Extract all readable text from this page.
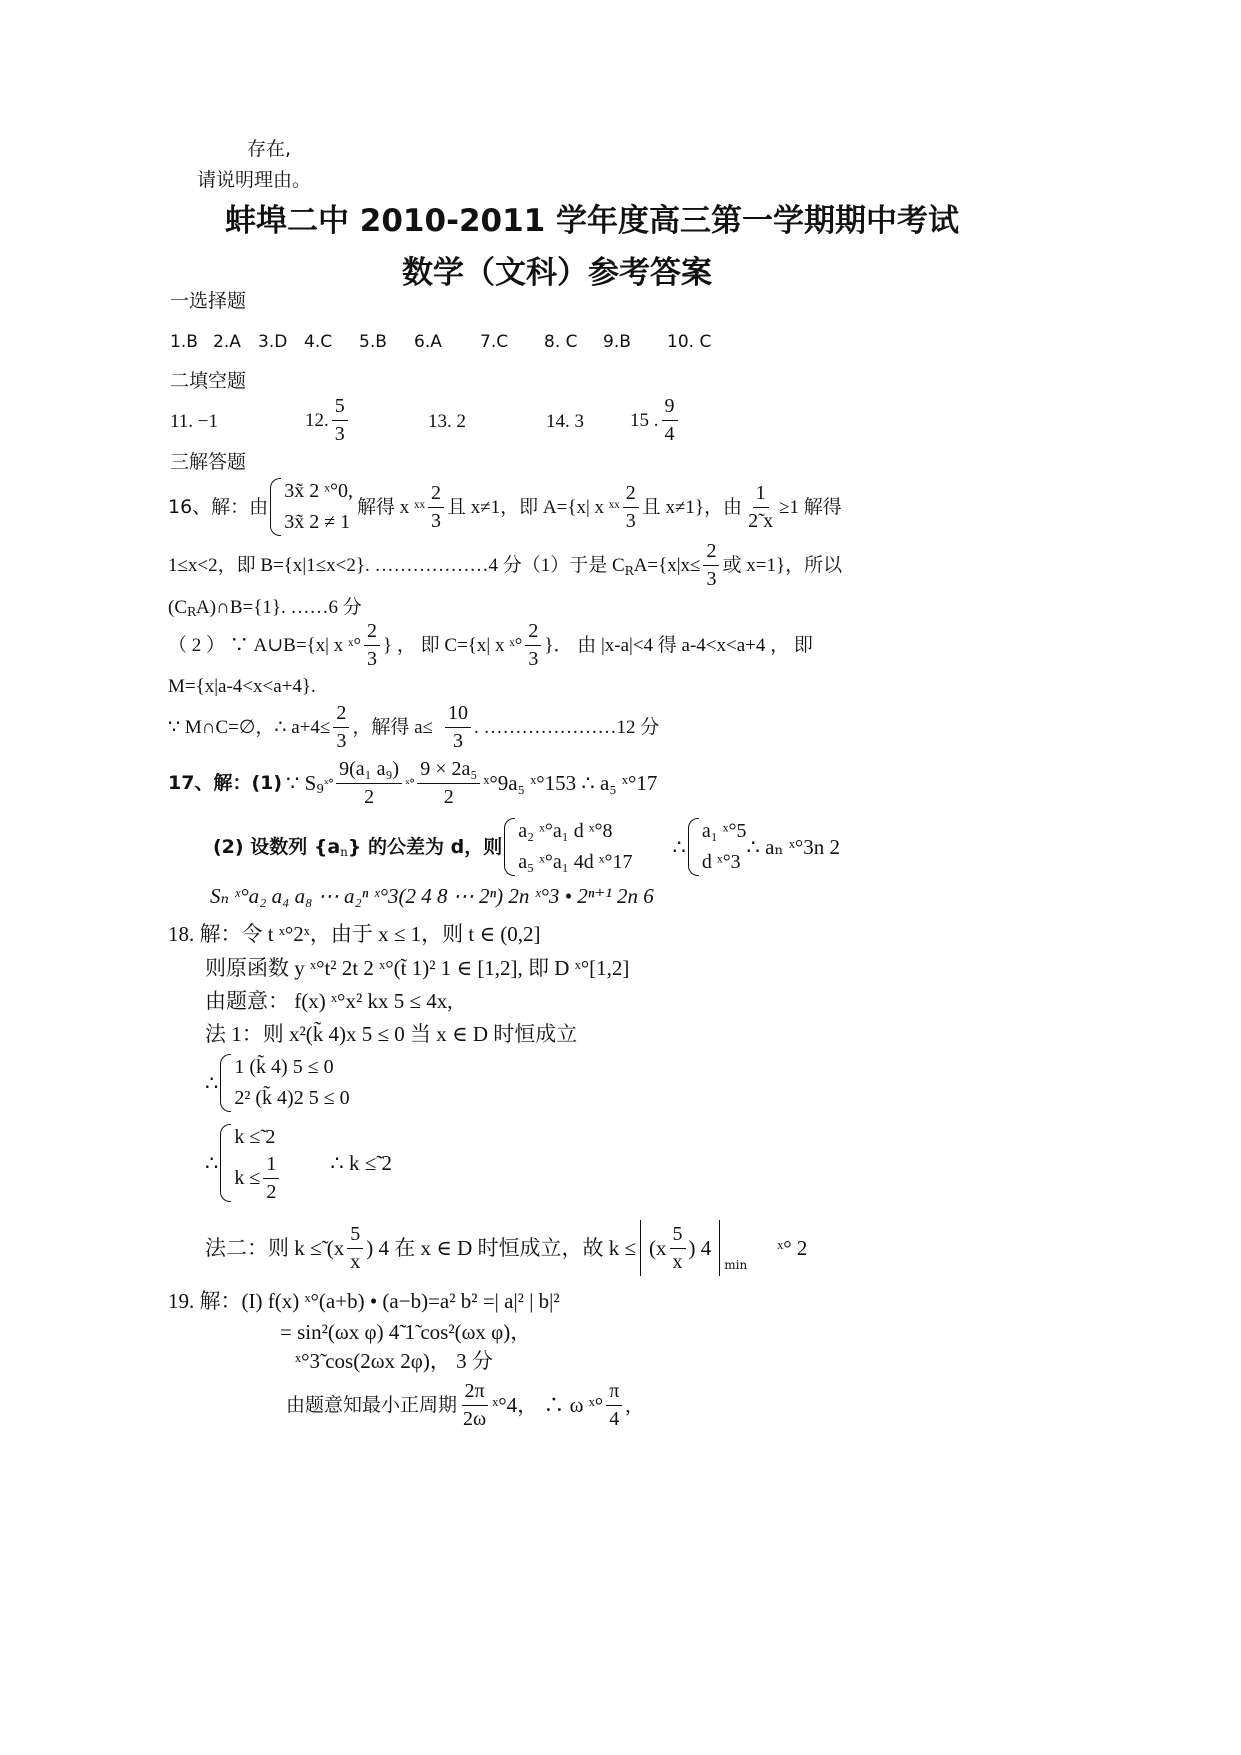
存在,
请说明理由。
蚌埠二中 2010-2011 学年度高三第一学期期中考试
数学（文科）参考答案
一选择题
1.B 2.A 3.D 4.C 5.B 6.A 7.C 8. C 9.B 10. C
二填空题
11. −1	12. $\frac{5}{3}$	13. 2	14. 3 15 . $\frac{9}{4}$
三解答题
16、解：由
3x̃ 2 ˣ°0,
3x̃ 2 ≠ 1
解得 x ˣˣ $\frac{2}{3}$ 且 x≠1，即 A={x| x ˣˣ $\frac{2}{3}$ 且 x≠1}，由 $\frac{1}{2̃ x} \ge 1$ 解得
1≤x<2，即 B={x|1≤x<2}. ………………4 分（1）于是 $C_R$ $A=\{x|x\le \frac{2}{3}$ 或 x=1}，所以
($C_R$ A)∩B={1}. ……6 分
（ 2 ） ∵ A∪B={x| x ˣ° $\frac{2}{3}$ } ， 即 C={x| x ˣ° $\frac{2}{3}$ }． 由 |x-a|<4 得 a-4<x<a+4 ， 即
M={x|a-4<x<a+4}.
∵ M∩C=∅，∴ $a+4\le \frac{2}{3}$ ，解得 $a\le \frac{10}{3}$ . …………………12 分
17、解：(1) ∵ $S_9$ ˣ° $\frac{\text{9(a₁ a₉)}}{2}$ ˣ° $\frac{\text{9 × 2a₅}}{2}$ ˣ°9a₅ ˣ°153 ∴ a₅ ˣ°17
(2) 设数列 {$a_n$ } 的公差为 d，则
a₂ ˣ°a₁ d ˣ°8
a₅ ˣ°a₁ 4d ˣ°17
∴
a₁ ˣ°5
d ˣ°3
∴ aₙ ˣ°3n 2
Sₙ ˣ°a₂ a₄ a₈ ⋯ a₂ⁿ ˣ°3(2 4 8 ⋯ 2ⁿ) 2n ˣ°3 • 2ⁿ⁺¹ 2n 6
18. 解：令 t ˣ°2ˣ，由于 x ≤ 1，则 t ∈ (0,2]
则原函数 y ˣ°t² 2t 2 ˣ°(t̃ 1)² 1 ∈ [1,2], 即 D ˣ°[1,2]
由题意： f(x) ˣ°x² kx 5 ≤ 4x,
法 1：则 x²(k̃ 4)x 5 ≤ 0 当 x ∈ D 时恒成立
∴
1 (k̃ 4) 5 ≤ 0
2² (k̃ 4)2 5 ≤ 0
∴
k ≤̃ 2
$k \le \frac{1}{2}$ ∴ k ≤̃ 2
法二：则 k ≤̃ ($x \frac{5}{x}$ ) 4 在 x ∈ D 时恒成立，故 $k \le (x \frac{5}{x}$ ) 4
$_{min}$
ˣ° 2
19. 解：(I) f(x) ˣ°(a+b) • (a−b)=a² b² =| a|² | b|²
= sin²(ωx φ) 4̃ 1̃ cos²(ωx φ)，
ˣ°3̃ cos(2ωx 2φ)， 3 分
由题意知最小正周期 $\frac{2\pi}{2\omega}$ ˣ°4， ∴ ω ˣ° $\frac{\pi}{4}$ ,
